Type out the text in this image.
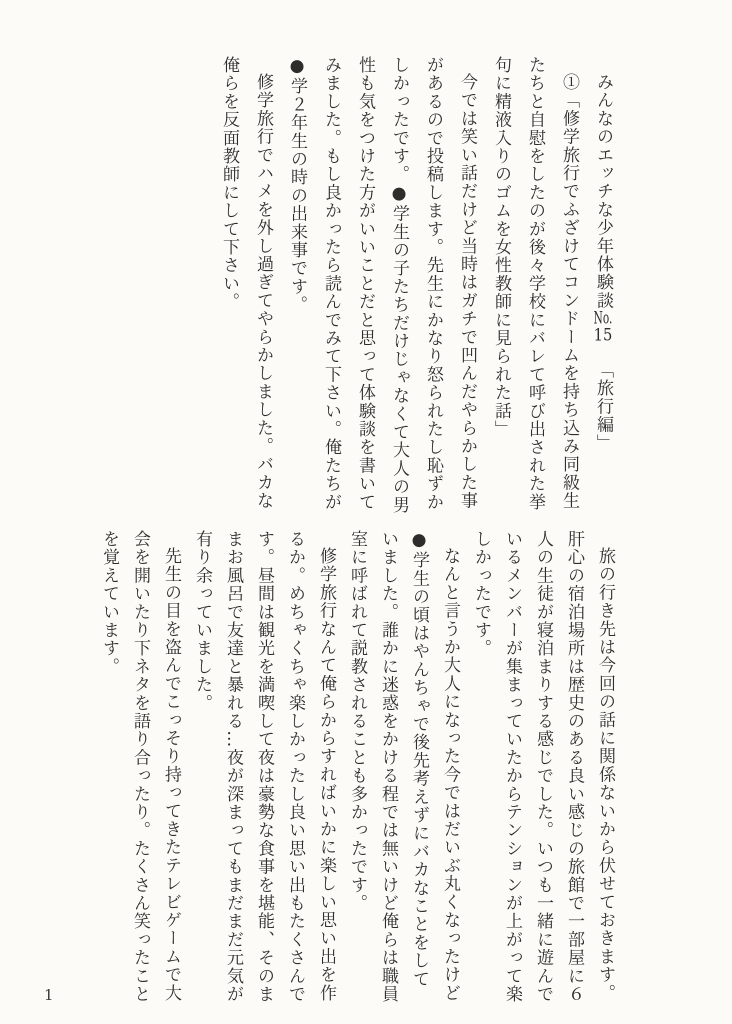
みんなのエッチな少年体験談No.15「旅行編」

①「修学旅行でふざけてコンドームを持ち込み同級生たちと自慰をしたのが後々学校にバレて呼び出された挙句に精液入りのゴムを女性教師に見られた話」

今では笑い話だけど当時はガチで凹んだやらかした事があるので投稿します。先生にかなり怒られたし恥ずかしかったです。●学生の子たちだけじゃなくて大人の男性も気をつけた方がいいことだと思って体験談を書いてみました。もし良かったら読んでみて下さい。俺たちが●学２年生の時の出来事です。

修学旅行でハメを外し過ぎてやらかしました。バカな俺らを反面教師にして下さい。

旅の行き先は今回の話に関係ないから伏せておきます。肝心の宿泊場所は歴史のある良い感じの旅館で一部屋に６人の生徒が寝泊まりする感じでした。いつも一緒に遊んでいるメンバーが集まっていたからテンションが上がって楽しかったです。

なんと言うか大人になった今ではだいぶ丸くなったけど●学生の頃はやんちゃで後先考えずにバカなことをしていました。誰かに迷惑をかける程では無いけど俺らは職員室に呼ばれて説教されることも多かったです。

修学旅行なんて俺らからすればいかに楽しい思い出を作るか。めちゃくちゃ楽しかったし良い思い出もたくさんです。昼間は観光を満喫して夜は豪勢な食事を堪能、そのままお風呂で友達と暴れる…夜が深まってもまだまだ元気が有り余っていました。

先生の目を盗んでこっそり持ってきたテレビゲームで大会を開いたり下ネタを語り合ったり。たくさん笑ったことを覚えています。

1
